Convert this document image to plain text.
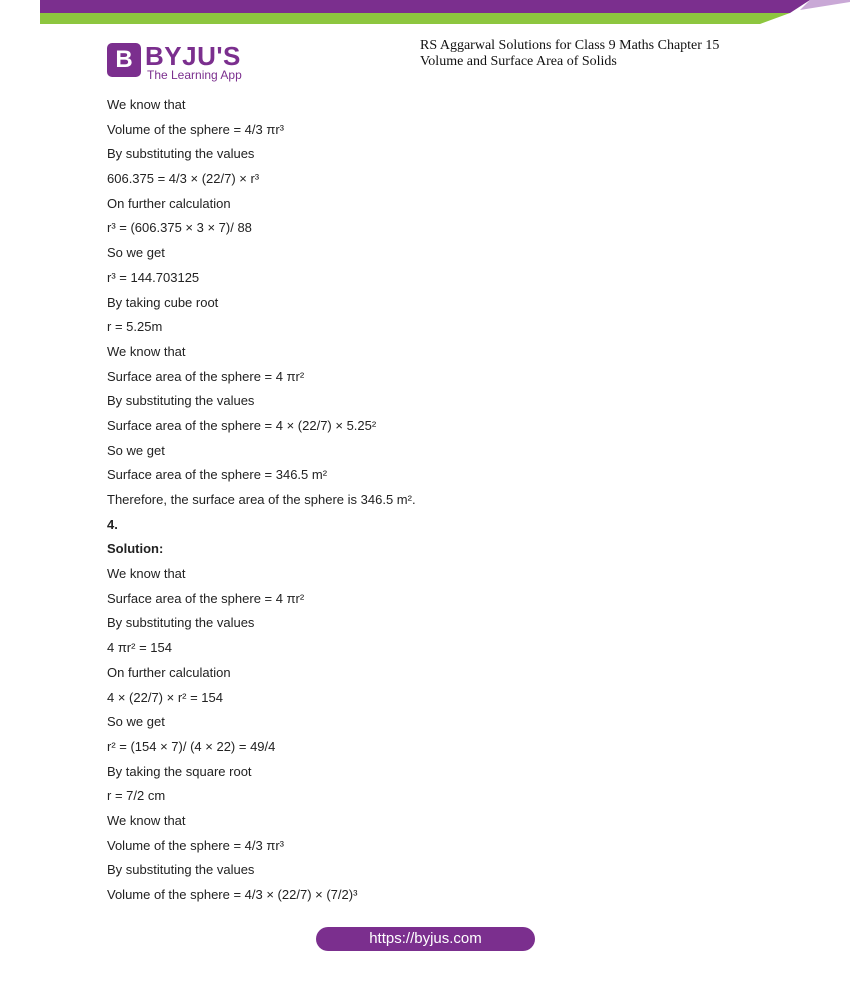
B BYJU'S
The Learning App
RS Aggarwal Solutions for Class 9 Maths Chapter 15
Volume and Surface Area of Solids
We know that
Volume of the sphere = 4/3 πr³
By substituting the values
606.375 = 4/3 × (22/7) × r³
On further calculation
r³ = (606.375 × 3 × 7)/ 88
So we get
r³ = 144.703125
By taking cube root
r = 5.25m
We know that
Surface area of the sphere = 4 πr²
By substituting the values
Surface area of the sphere = 4 × (22/7) × 5.25²
So we get
Surface area of the sphere = 346.5 m²
Therefore, the surface area of the sphere is 346.5 m².
4.
Solution:
We know that
Surface area of the sphere = 4 πr²
By substituting the values
4 πr² = 154
On further calculation
4 × (22/7) × r² = 154
So we get
r² = (154 × 7)/ (4 × 22) = 49/4
By taking the square root
r = 7/2 cm
We know that
Volume of the sphere = 4/3 πr³
By substituting the values
Volume of the sphere = 4/3 × (22/7) × (7/2)³
https://byjus.com
